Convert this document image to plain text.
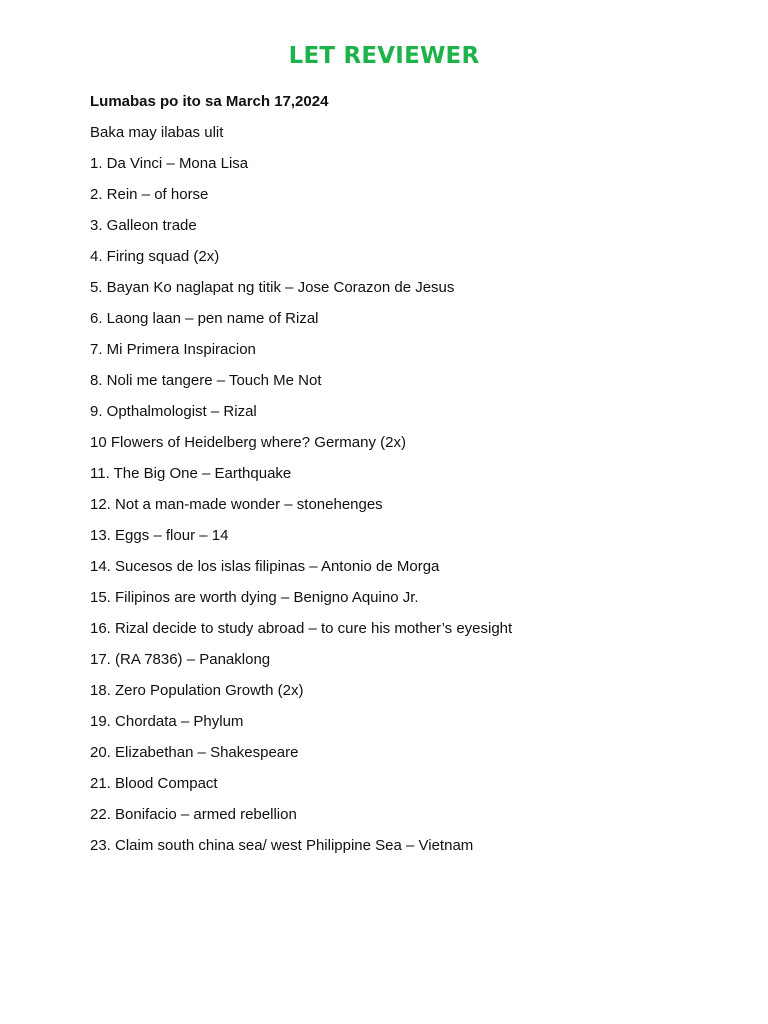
LET REVIEWER
Lumabas po ito sa March 17,2024
Baka may ilabas ulit
1. Da Vinci – Mona Lisa
2. Rein – of horse
3. Galleon trade
4. Firing squad (2x)
5. Bayan Ko naglapat ng titik – Jose Corazon de Jesus
6. Laong laan – pen name of Rizal
7. Mi Primera Inspiracion
8. Noli me tangere – Touch Me Not
9. Opthalmologist – Rizal
10 Flowers of Heidelberg where? Germany (2x)
11. The Big One – Earthquake
12. Not a man-made wonder – stonehenges
13. Eggs – flour – 14
14. Sucesos de los islas filipinas – Antonio de Morga
15. Filipinos are worth dying – Benigno Aquino Jr.
16. Rizal decide to study abroad – to cure his mother’s eyesight
17. (RA 7836) – Panaklong
18. Zero Population Growth (2x)
19. Chordata – Phylum
20. Elizabethan – Shakespeare
21. Blood Compact
22. Bonifacio – armed rebellion
23. Claim south china sea/ west Philippine Sea – Vietnam
